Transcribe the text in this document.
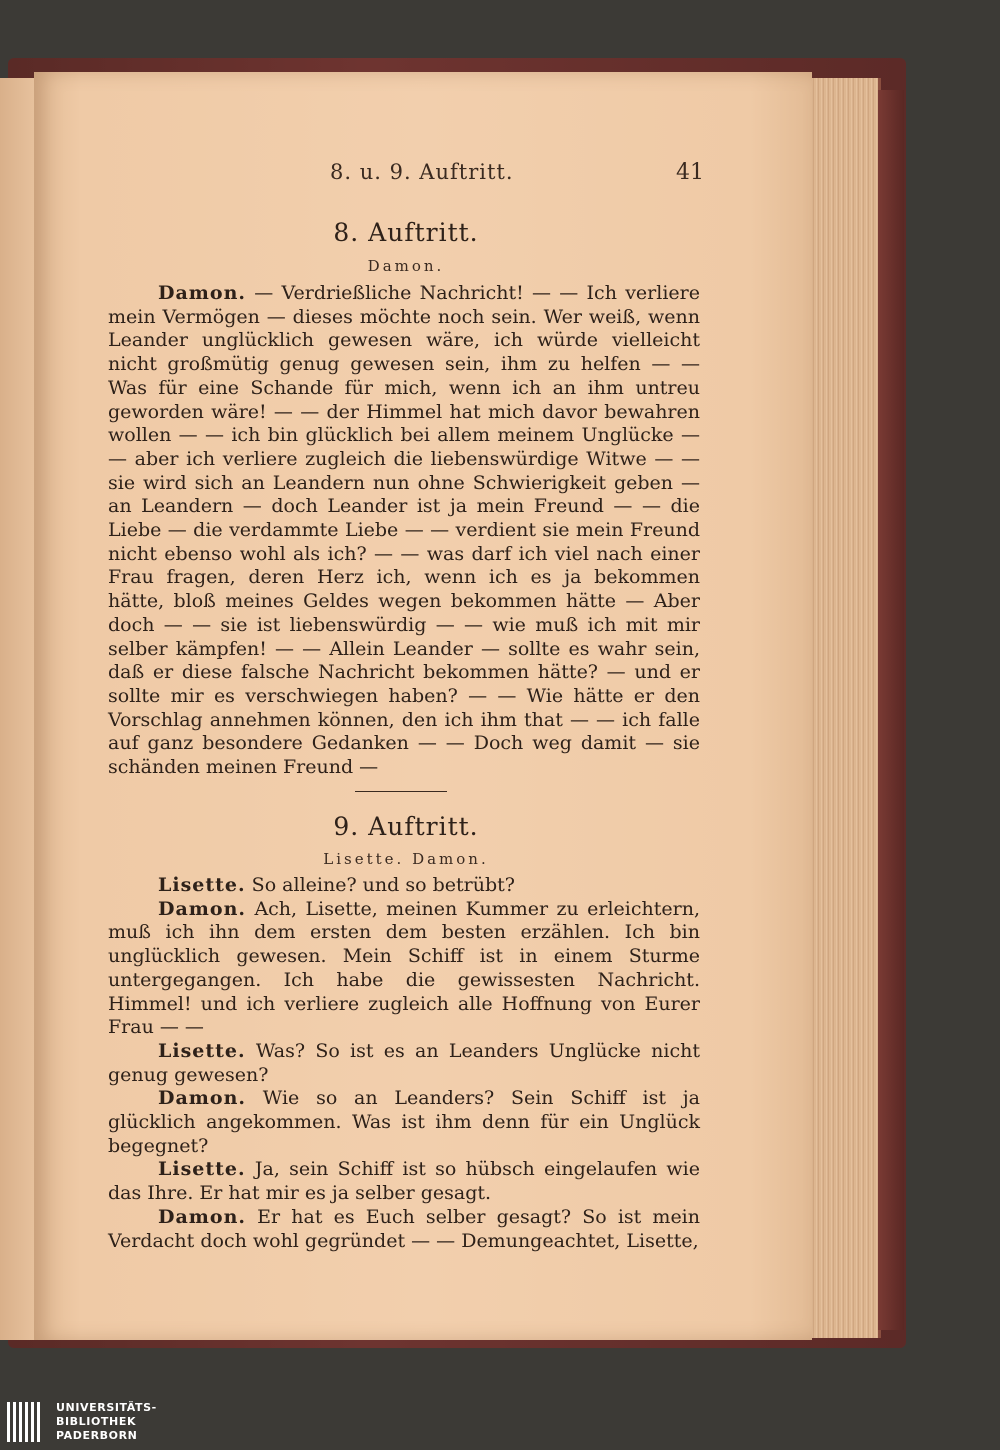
8. u. 9. Auftritt.	41
8. Auftritt.
Damon.

Damon. — Verdrießliche Nachricht! — — Ich verliere mein Vermögen — dieses möchte noch sein. Wer weiß, wenn Leander unglücklich gewesen wäre, ich würde vielleicht nicht großmütig genug gewesen sein, ihm zu helfen — — Was für eine Schande für mich, wenn ich an ihm untreu geworden wäre! — — der Himmel hat mich davor bewahren wollen — — ich bin glücklich bei allem meinem Unglücke — — aber ich verliere zugleich die liebenswürdige Witwe — — sie wird sich an Leandern nun ohne Schwierigkeit geben — an Leandern — doch Leander ist ja mein Freund — — die Liebe — die verdammte Liebe — — verdient sie mein Freund nicht ebenso wohl als ich? — — was darf ich viel nach einer Frau fragen, deren Herz ich, wenn ich es ja bekommen hätte, bloß meines Geldes wegen bekommen hätte — Aber doch — — sie ist liebenswürdig — — wie muß ich mit mir selber kämpfen! — — Allein Leander — sollte es wahr sein, daß er diese falsche Nachricht bekommen hätte? — und er sollte mir es verschwiegen haben? — — Wie hätte er den Vorschlag annehmen können, den ich ihm that — — ich falle auf ganz besondere Gedanken — — Doch weg damit — sie schänden meinen Freund —

9. Auftritt.
Lisette. Damon.

Lisette. So alleine? und so betrübt?

Damon. Ach, Lisette, meinen Kummer zu erleichtern, muß ich ihn dem ersten dem besten erzählen. Ich bin unglücklich gewesen. Mein Schiff ist in einem Sturme untergegangen. Ich habe die gewissesten Nachricht. Himmel! und ich verliere zugleich alle Hoffnung von Eurer Frau — —

Lisette. Was? So ist es an Leanders Unglücke nicht genug gewesen?

Damon. Wie so an Leanders? Sein Schiff ist ja glücklich angekommen. Was ist ihm denn für ein Unglück begegnet?

Lisette. Ja, sein Schiff ist so hübsch eingelaufen wie das Ihre. Er hat mir es ja selber gesagt.

Damon. Er hat es Euch selber gesagt? So ist mein Verdacht doch wohl gegründet — — Demungeachtet, Lisette,

UNIVERSITÄTS-
BIBLIOTHEK
PADERBORN
